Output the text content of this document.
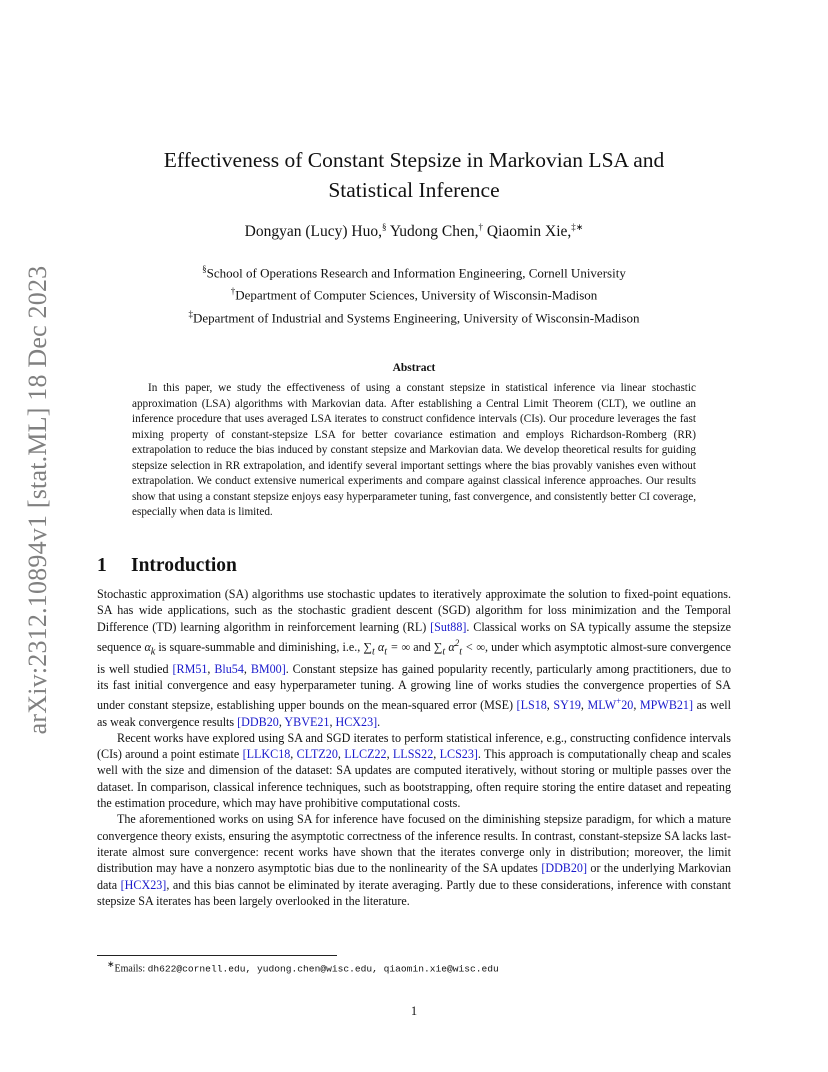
arXiv:2312.10894v1 [stat.ML] 18 Dec 2023
Effectiveness of Constant Stepsize in Markovian LSA and
Statistical Inference
Dongyan (Lucy) Huo,§ Yudong Chen,† Qiaomin Xie,‡∗
§School of Operations Research and Information Engineering, Cornell University
†Department of Computer Sciences, University of Wisconsin-Madison
‡Department of Industrial and Systems Engineering, University of Wisconsin-Madison
Abstract

In this paper, we study the effectiveness of using a constant stepsize in statistical inference via linear stochastic approximation (LSA) algorithms with Markovian data. After establishing a Central Limit Theorem (CLT), we outline an inference procedure that uses averaged LSA iterates to construct confidence intervals (CIs). Our procedure leverages the fast mixing property of constant-stepsize LSA for better covariance estimation and employs Richardson-Romberg (RR) extrapolation to reduce the bias induced by constant stepsize and Markovian data. We develop theoretical results for guiding stepsize selection in RR extrapolation, and identify several important settings where the bias provably vanishes even without extrapolation. We conduct extensive numerical experiments and compare against classical inference approaches. Our results show that using a constant stepsize enjoys easy hyperparameter tuning, fast convergence, and consistently better CI coverage, especially when data is limited.

1 Introduction

Stochastic approximation (SA) algorithms use stochastic updates to iteratively approximate the solution to fixed-point equations. SA has wide applications, such as the stochastic gradient descent (SGD) algorithm for loss minimization and the Temporal Difference (TD) learning algorithm in reinforcement learning (RL) [Sut88]. Classical works on SA typically assume the stepsize sequence $\alpha_k$ is square-summable and diminishing, i.e., $\sum_t$ $\alpha_t$ = ∞ and $\sum_t$ $\alpha^2_t$ < ∞, under which asymptotic almost-sure convergence is well studied [RM51, Blu54, BM00]. Constant stepsize has gained popularity recently, particularly among practitioners, due to its fast initial convergence and easy hyperparameter tuning. A growing line of works studies the convergence properties of SA under constant stepsize, establishing upper bounds on the mean-squared error (MSE) [LS18, SY19, MLW+20, MPWB21] as well as weak convergence results [DDB20, YBVE21, HCX23].

Recent works have explored using SA and SGD iterates to perform statistical inference, e.g., constructing confidence intervals (CIs) around a point estimate [LLKC18, CLTZ20, LLCZ22, LLSS22, LCS23]. This approach is computationally cheap and scales well with the size and dimension of the dataset: SA updates are computed iteratively, without storing or multiple passes over the dataset. In comparison, classical inference techniques, such as bootstrapping, often require storing the entire dataset and repeating the estimation procedure, which may have prohibitive computational costs.

The aforementioned works on using SA for inference have focused on the diminishing stepsize paradigm, for which a mature convergence theory exists, ensuring the asymptotic correctness of the inference results. In contrast, constant-stepsize SA lacks last-iterate almost sure convergence: recent works have shown that the iterates converge only in distribution; moreover, the limit distribution may have a nonzero asymptotic bias due to the nonlinearity of the SA updates [DDB20] or the underlying Markovian data [HCX23], and this bias cannot be eliminated by iterate averaging. Partly due to these considerations, inference with constant stepsize SA iterates has been largely overlooked in the literature.

∗Emails: dh622@cornell.edu, yudong.chen@wisc.edu, qiaomin.xie@wisc.edu
1
